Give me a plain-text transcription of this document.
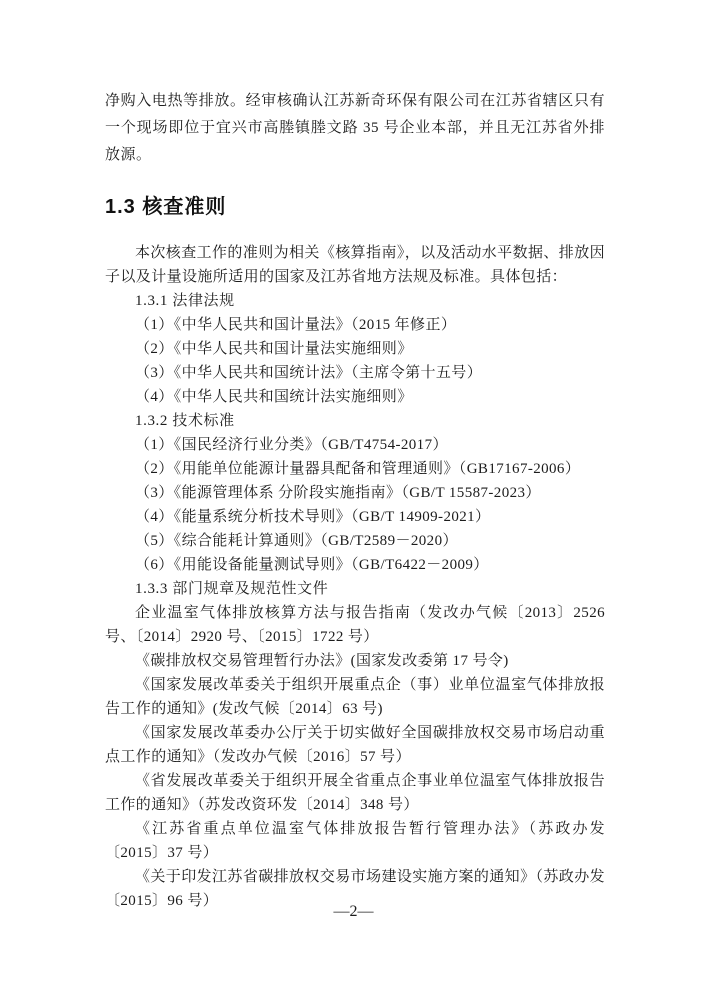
净购入电热等排放。经审核确认江苏新奇环保有限公司在江苏省辖区只有一个现场即位于宜兴市高塍镇塍文路 35 号企业本部，并且无江苏省外排放源。

1.3 核查准则

本次核查工作的准则为相关《核算指南》，以及活动水平数据、排放因子以及计量设施所适用的国家及江苏省地方法规及标准。具体包括：

1.3.1 法律法规

（1）《中华人民共和国计量法》（2015 年修正）

（2）《中华人民共和国计量法实施细则》

（3）《中华人民共和国统计法》（主席令第十五号）

（4）《中华人民共和国统计法实施细则》

1.3.2 技术标准

（1）《国民经济行业分类》（GB/T4754-2017）

（2）《用能单位能源计量器具配备和管理通则》（GB17167-2006）

（3）《能源管理体系 分阶段实施指南》（GB/T 15587-2023）

（4）《能量系统分析技术导则》（GB/T 14909-2021）

（5）《综合能耗计算通则》（GB/T2589－2020）

（6）《用能设备能量测试导则》（GB/T6422－2009）

1.3.3 部门规章及规范性文件

企业温室气体排放核算方法与报告指南（发改办气候〔2013〕2526 号、〔2014〕2920 号、〔2015〕1722 号）

《碳排放权交易管理暂行办法》(国家发改委第 17 号令)

《国家发展改革委关于组织开展重点企（事）业单位温室气体排放报告工作的通知》(发改气候〔2014〕63 号)

《国家发展改革委办公厅关于切实做好全国碳排放权交易市场启动重点工作的通知》（发改办气候〔2016〕57 号）

《省发展改革委关于组织开展全省重点企事业单位温室气体排放报告工作的通知》（苏发改资环发〔2014〕348 号）

《江苏省重点单位温室气体排放报告暂行管理办法》（苏政办发〔2015〕37 号）

《关于印发江苏省碳排放权交易市场建设实施方案的通知》（苏政办发〔2015〕96 号）

—2—
